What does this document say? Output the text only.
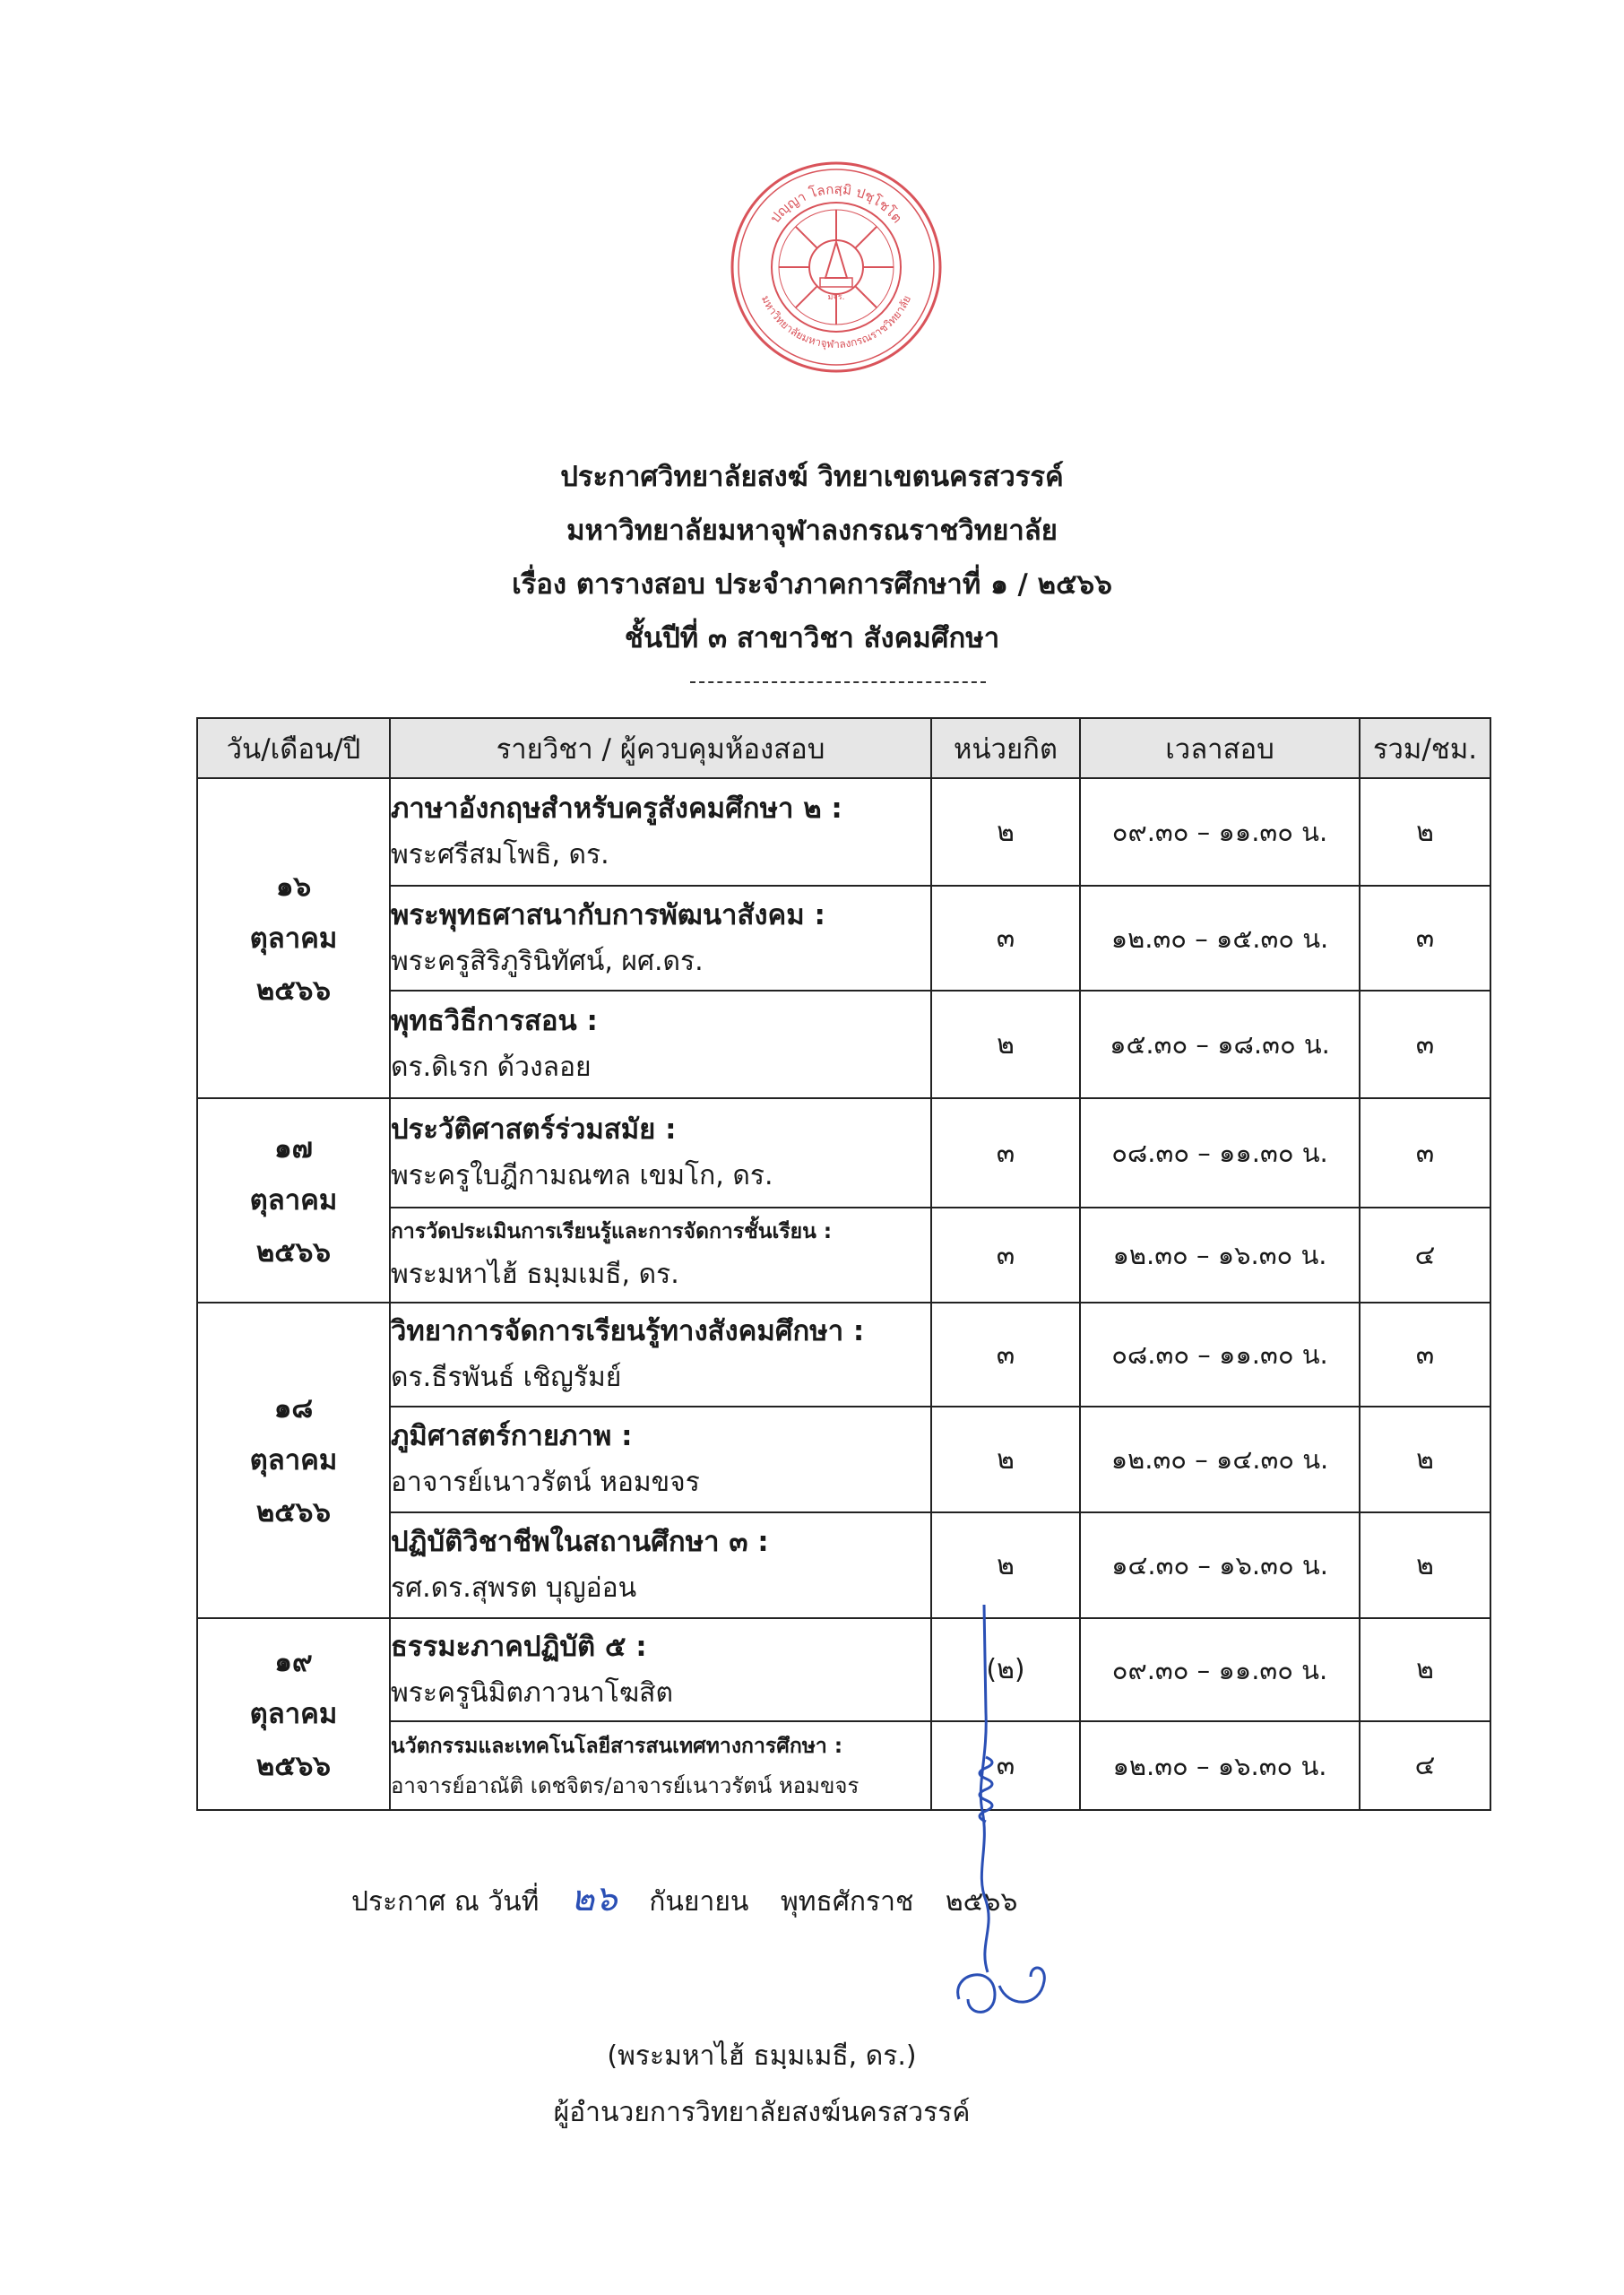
ปญฺญา โลกสฺมิ ปชฺโชโต
มหาวิทยาลัยมหาจุฬาลงกรณราชวิทยาลัย
มจร.
ประกาศวิทยาลัยสงฆ์ วิทยาเขตนครสวรรค์
มหาวิทยาลัยมหาจุฬาลงกรณราชวิทยาลัย
เรื่อง ตารางสอบ ประจำภาคการศึกษาที่ ๑ / ๒๕๖๖
ชั้นปีที่ ๓ สาขาวิชา สังคมศึกษา
วัน/เดือน/ปี	รายวิชา / ผู้ควบคุมห้องสอบ	หน่วยกิต	เวลาสอบ	รวม/ชม.

๑๖
ตุลาคม
๒๕๖๖	ภาษาอังกฤษสำหรับครูสังคมศึกษา ๒ :
พระศรีสมโพธิ, ดร.	๒	๐๙.๓๐ – ๑๑.๓๐ น.	๒

	พระพุทธศาสนากับการพัฒนาสังคม :
พระครูสิริภูรินิทัศน์, ผศ.ดร.	๓	๑๒.๓๐ – ๑๕.๓๐ น.	๓

	พุทธวิธีการสอน :
ดร.ดิเรก ด้วงลอย	๒	๑๕.๓๐ – ๑๘.๓๐ น.	๓

๑๗
ตุลาคม
๒๕๖๖	ประวัติศาสตร์ร่วมสมัย :
พระครูใบฎีกามณฑล เขมโก, ดร.	๓	๐๘.๓๐ – ๑๑.๓๐ น.	๓

	การวัดประเมินการเรียนรู้และการจัดการชั้นเรียน :
พระมหาไฮ้ ธมฺมเมธี, ดร.	๓	๑๒.๓๐ – ๑๖.๓๐ น.	๔

๑๘
ตุลาคม
๒๕๖๖	วิทยาการจัดการเรียนรู้ทางสังคมศึกษา :
ดร.ธีรพันธ์ เชิญรัมย์	๓	๐๘.๓๐ – ๑๑.๓๐ น.	๓

	ภูมิศาสตร์กายภาพ :
อาจารย์เนาวรัตน์ หอมขจร	๒	๑๒.๓๐ – ๑๔.๓๐ น.	๒

	ปฏิบัติวิชาชีพในสถานศึกษา ๓ :
รศ.ดร.สุพรต บุญอ่อน	๒	๑๔.๓๐ – ๑๖.๓๐ น.	๒

๑๙
ตุลาคม
๒๕๖๖	ธรรมะภาคปฏิบัติ ๕ :
พระครูนิมิตภาวนาโฆสิต	(๒)	๐๙.๓๐ – ๑๑.๓๐ น.	๒

	นวัตกรรมและเทคโนโลยีสารสนเทศทางการศึกษา :
อาจารย์อาณัติ เดชจิตร/อาจารย์เนาวรัตน์ หอมขจร	๓	๑๒.๓๐ – ๑๖.๓๐ น.	๔
ประกาศ ณ วันที่ ๒๖ กันยายน พุทธศักราช ๒๕๖๖
(พระมหาไฮ้ ธมฺมเมธี, ดร.)
ผู้อำนวยการวิทยาลัยสงฆ์นครสวรรค์
